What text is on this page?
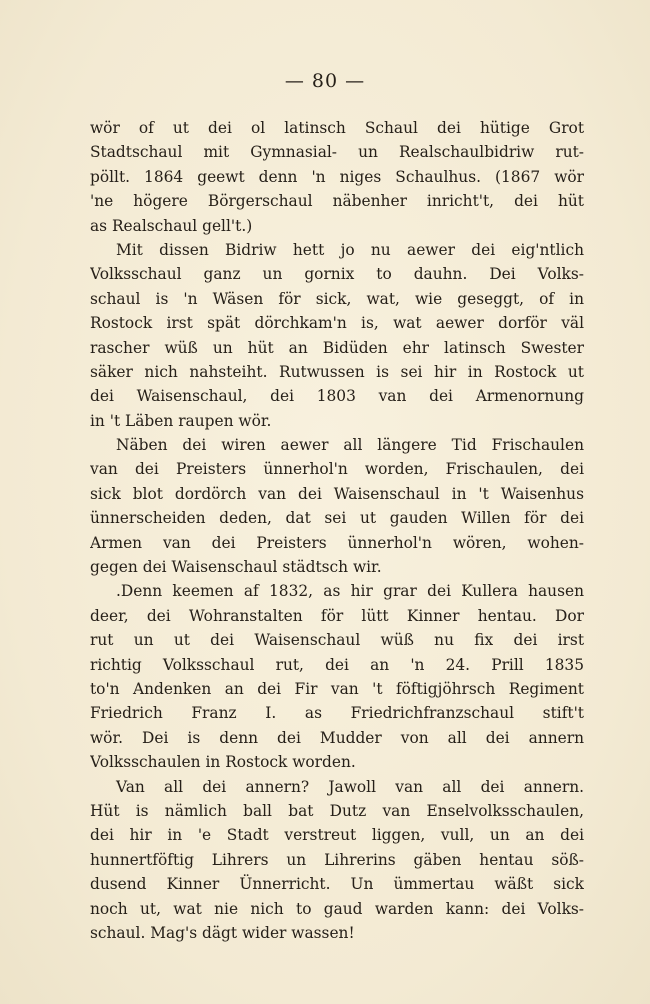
— 80 —
wör of ut dei ol latinsch Schaul dei hütige Grot
Stadtschaul mit Gymnasial- un Realschaulbidriw rut-
pöllt. 1864 geewt denn 'n niges Schaulhus. (1867 wör
'ne högere Börgerschaul näbenher inricht't, dei hüt
as Realschaul gell't.)
Mit dissen Bidriw hett jo nu aewer dei eig'ntlich
Volksschaul ganz un gornix to dauhn. Dei Volks-
schaul is 'n Wäsen för sick, wat, wie geseggt, of in
Rostock irst spät dörchkam'n is, wat aewer dorför väl
rascher wüß un hüt an Bidüden ehr latinsch Swester
säker nich nahsteiht. Rutwussen is sei hir in Rostock ut
dei Waisenschaul, dei 1803 van dei Armenornung
in 't Läben raupen wör.
Näben dei wiren aewer all längere Tid Frischaulen
van dei Preisters ünnerhol'n worden, Frischaulen, dei
sick blot dordörch van dei Waisenschaul in 't Waisenhus
ünnerscheiden deden, dat sei ut gauden Willen för dei
Armen van dei Preisters ünnerhol'n wören, wohen-
gegen dei Waisenschaul städtsch wir.
.Denn keemen af 1832, as hir grar dei Kullera hausen
deer, dei Wohranstalten för lütt Kinner hentau. Dor
rut un ut dei Waisenschaul wüß nu fix dei irst
richtig Volksschaul rut, dei an 'n 24. Prill 1835
to'n Andenken an dei Fir van 't föftigjöhrsch Regiment
Friedrich Franz I. as Friedrichfranzschaul stift't
wör. Dei is denn dei Mudder von all dei annern
Volksschaulen in Rostock worden.
Van all dei annern? Jawoll van all dei annern.
Hüt is nämlich ball bat Dutz van Enselvolksschaulen,
dei hir in 'e Stadt verstreut liggen, vull, un an dei
hunnertföftig Lihrers un Lihrerins gäben hentau söß-
dusend Kinner Ünnerricht. Un ümmertau wäßt sick
noch ut, wat nie nich to gaud warden kann: dei Volks-
schaul. Mag's dägt wider wassen!
